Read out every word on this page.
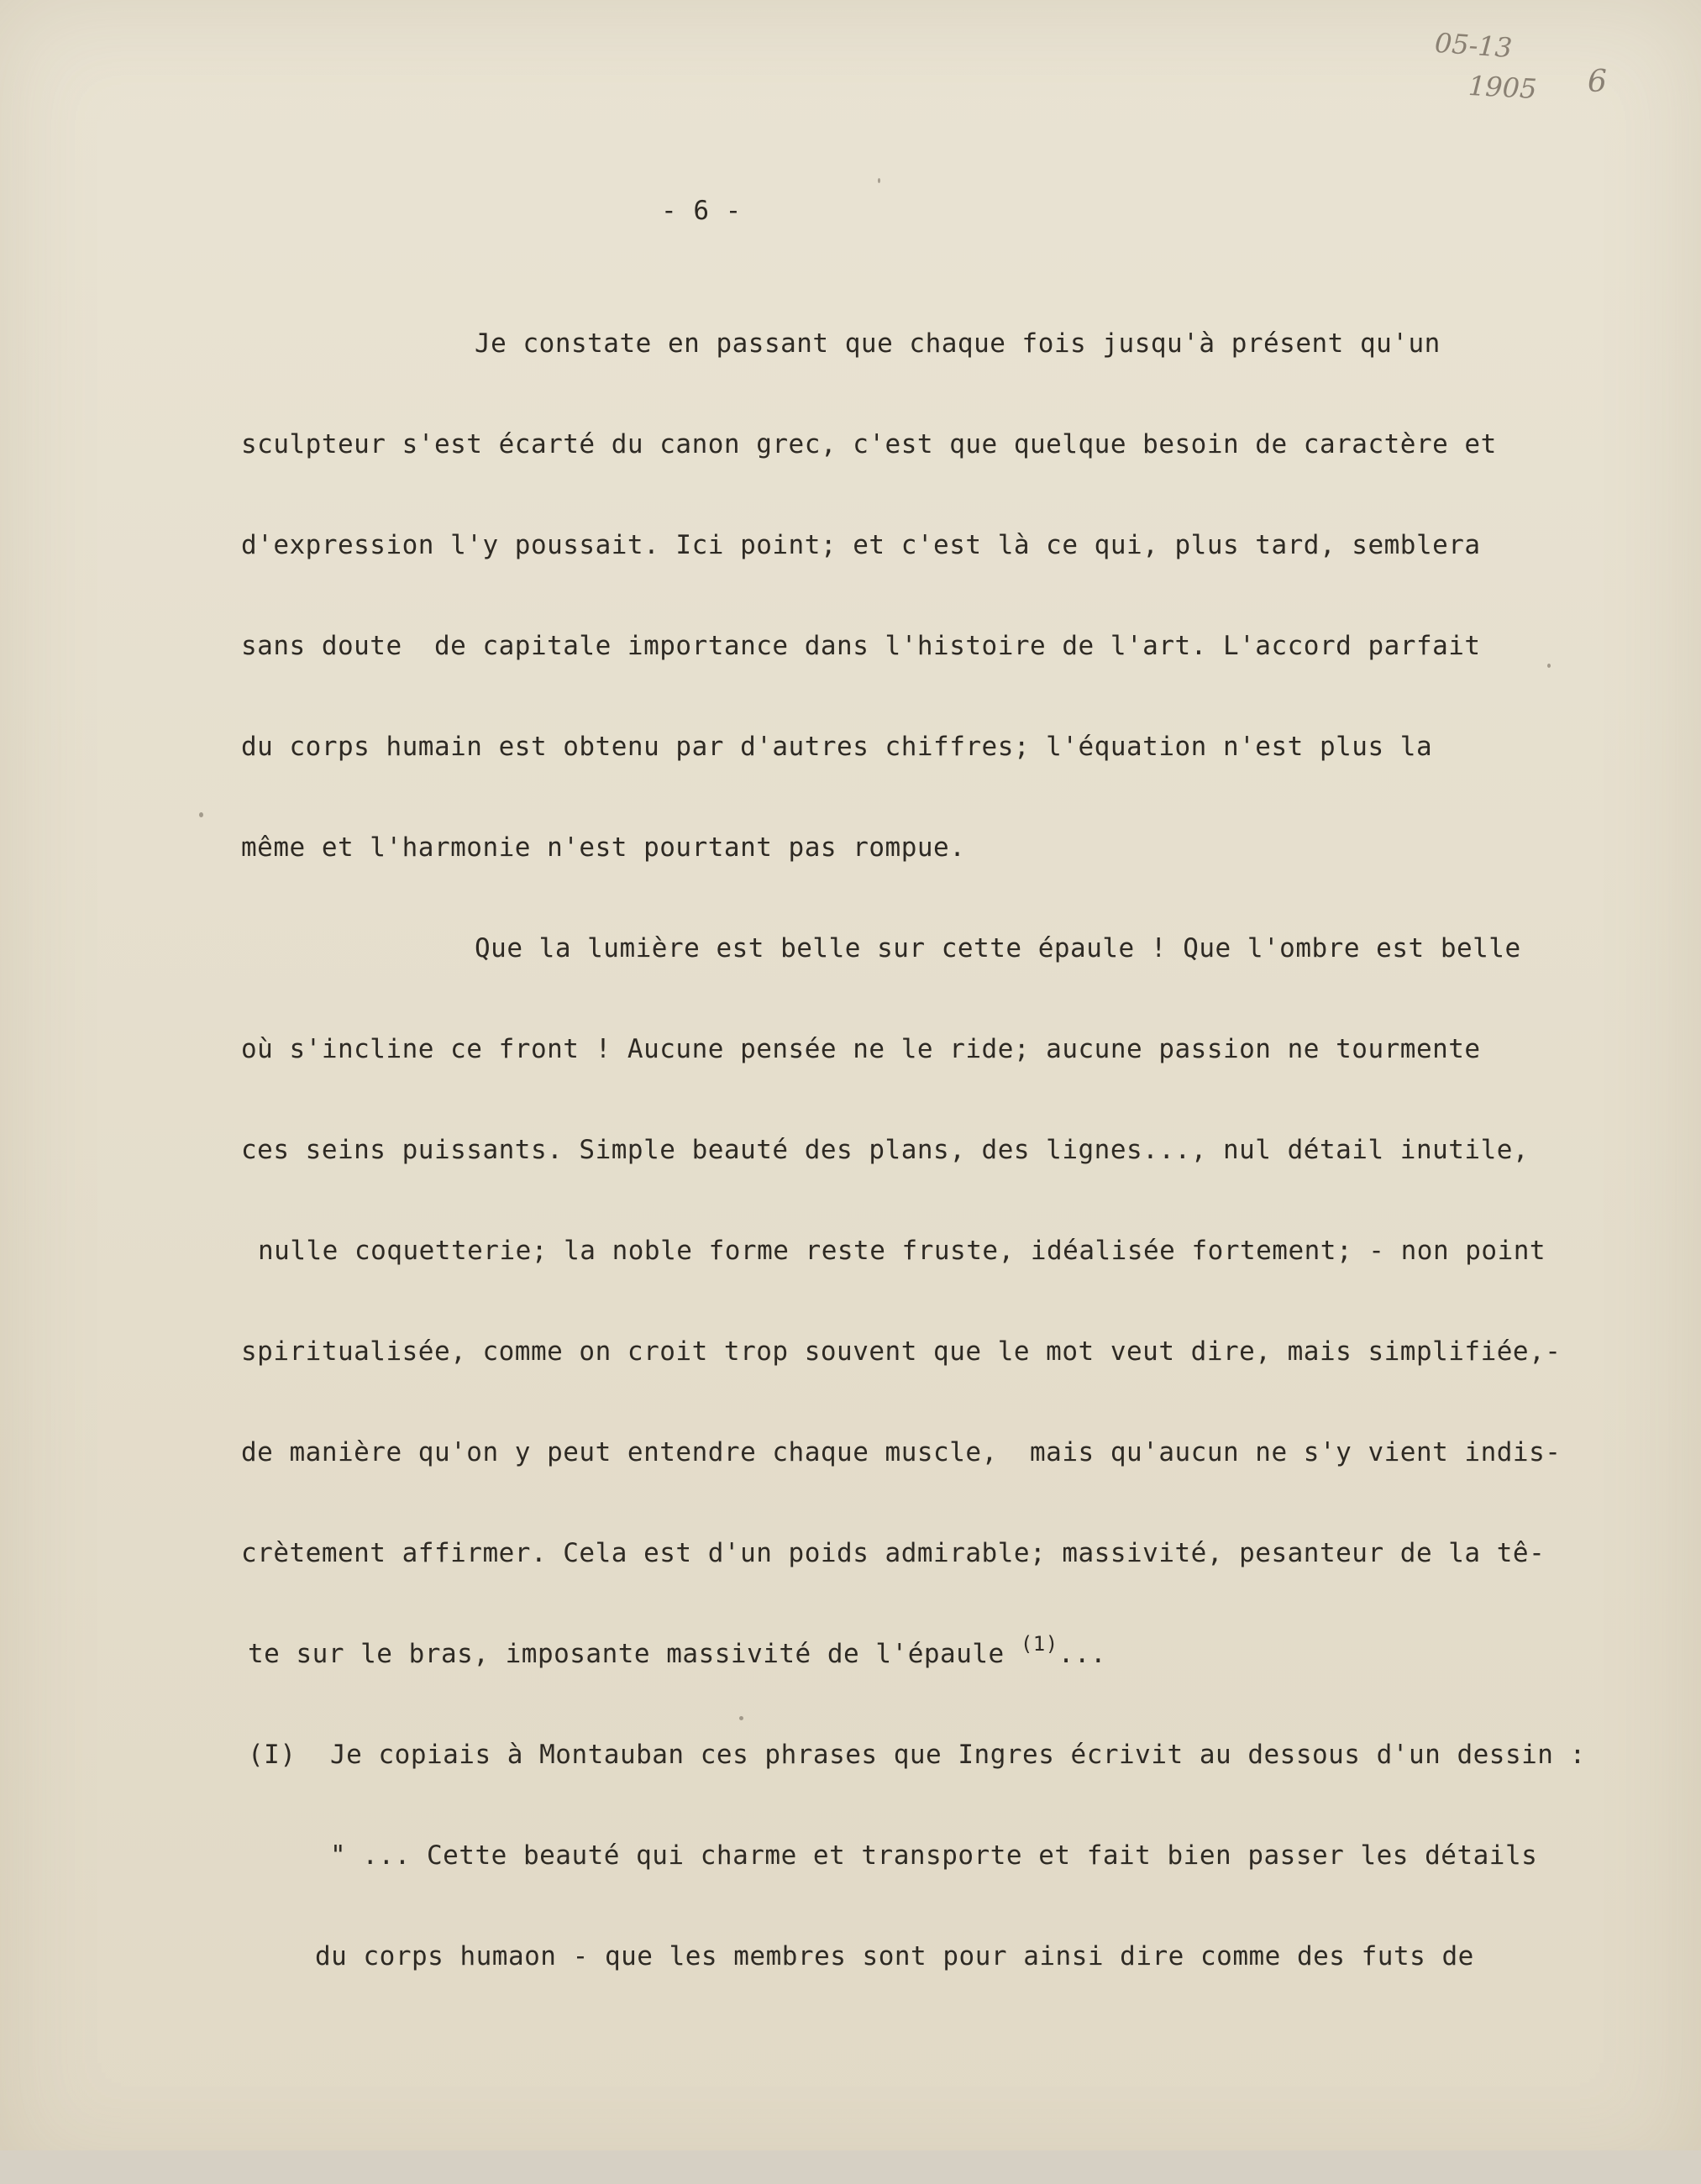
05-13
1905 6
- 6 -
Je constate en passant que chaque fois jusqu'à présent qu'un
sculpteur s'est écarté du canon grec, c'est que quelque besoin de caractère et
d'expression l'y poussait. Ici point; et c'est là ce qui, plus tard, semblera
sans doute  de capitale importance dans l'histoire de l'art. L'accord parfait
du corps humain est obtenu par d'autres chiffres; l'équation n'est plus la
même et l'harmonie n'est pourtant pas rompue.
Que la lumière est belle sur cette épaule ! Que l'ombre est belle
où s'incline ce front ! Aucune pensée ne le ride; aucune passion ne tourmente
ces seins puissants. Simple beauté des plans, des lignes..., nul détail inutile,
nulle coquetterie; la noble forme reste fruste, idéalisée fortement; - non point
spiritualisée, comme on croit trop souvent que le mot veut dire, mais simplifiée,-
de manière qu'on y peut entendre chaque muscle,  mais qu'aucun ne s'y vient indis-
crètement affirmer. Cela est d'un poids admirable; massivité, pesanteur de la tê-
te sur le bras, imposante massivité de l'épaule $^{(1)}$...
(I) Je copiais à Montauban ces phrases que Ingres écrivit au dessous d'un dessin :
" ... Cette beauté qui charme et transporte et fait bien passer les détails
du corps humaon - que les membres sont pour ainsi dire comme des futs de
